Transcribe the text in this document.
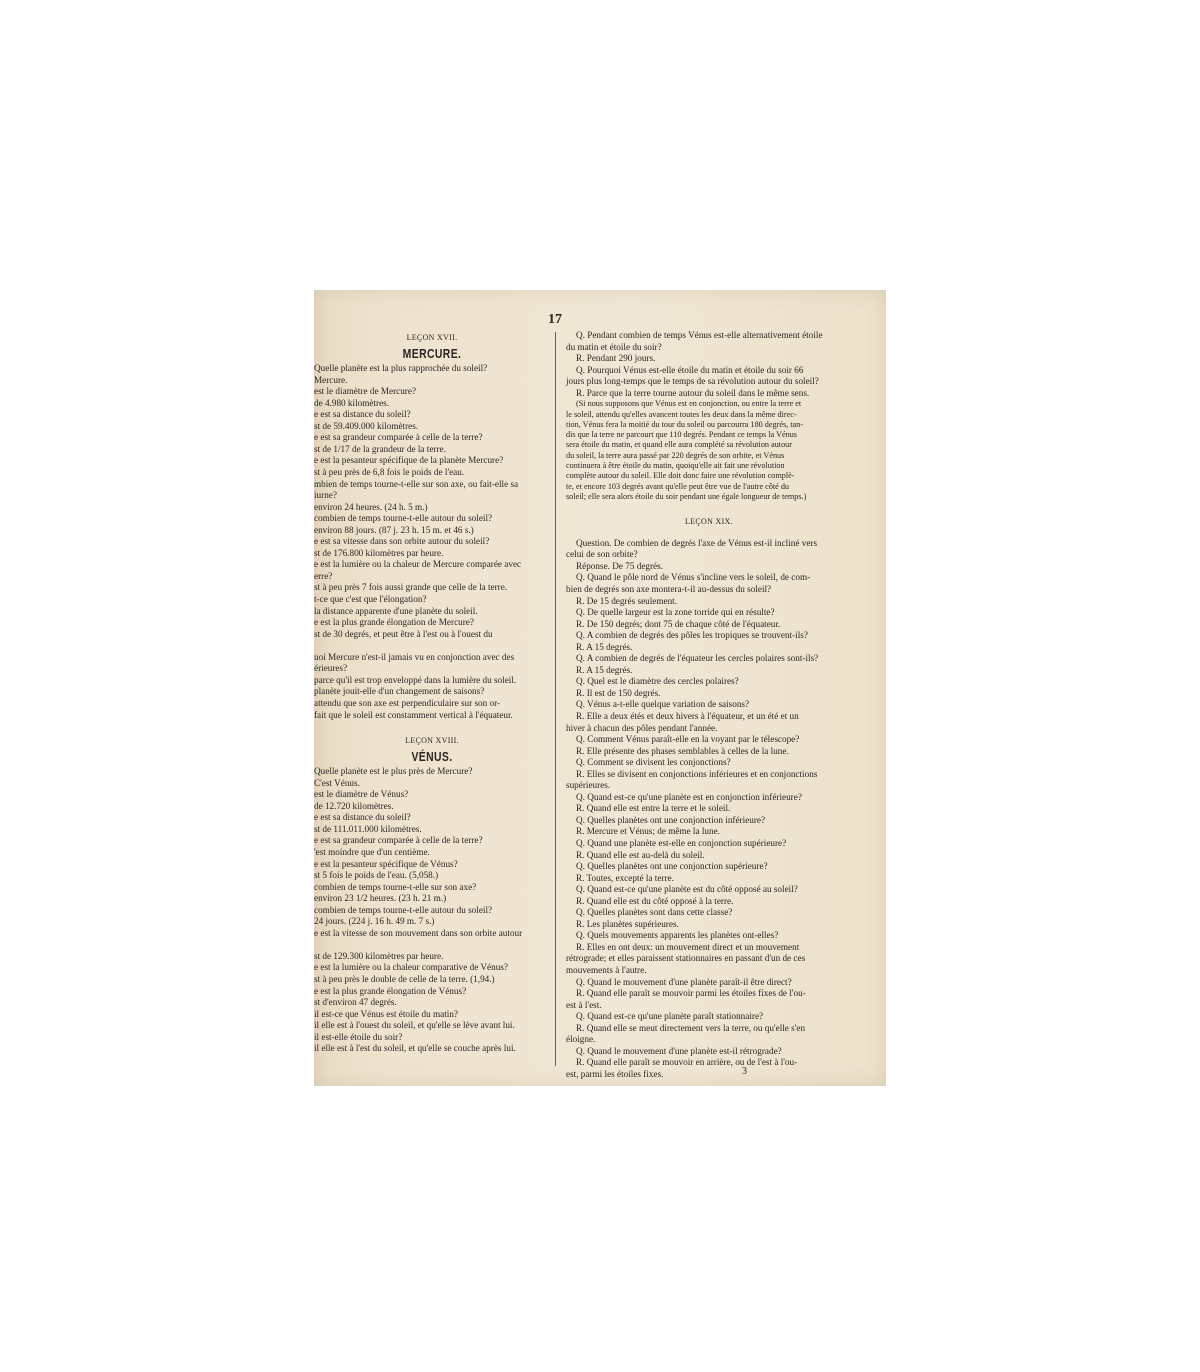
17
LEÇON XVII.
MERCURE.
Quelle planète est la plus rapprochée du soleil?
Mercure.
est le diamètre de Mercure?
de 4.980 kilomètres.
e est sa distance du soleil?
st de 59.409.000 kilomètres.
e est sa grandeur comparée à celle de la terre?
st de 1/17 de la grandeur de la terre.
e est la pesanteur spécifique de la planète Mercure?
st à peu près de 6,8 fois le poids de l'eau.
mbien de temps tourne-t-elle sur son axe, ou fait-elle sa
iurne?
environ 24 heures. (24 h. 5 m.)
combien de temps tourne-t-elle autour du soleil?
environ 88 jours. (87 j. 23 h. 15 m. et 46 s.)
e est sa vitesse dans son orbite autour du soleil?
st de 176.800 kilomètres par heure.
e est la lumière ou la chaleur de Mercure comparée avec
erre?
st à peu près 7 fois aussi grande que celle de la terre.
t-ce que c'est que l'élongation?
la distance apparente d'une planète du soleil.
e est la plus grande élongation de Mercure?
st de 30 degrés, et peut être à l'est ou à l'ouest du

uoi Mercure n'est-il jamais vu en conjonction avec des
érieures?
parce qu'il est trop enveloppé dans la lumière du soleil.
planète jouit-elle d'un changement de saisons?
attendu que son axe est perpendiculaire sur son or-
fait que le soleil est constamment vertical à l'équateur.
LEÇON XVIII.
VÉNUS.
Quelle planète est le plus près de Mercure?
C'est Vénus.
est le diamètre de Vénus?
de 12.720 kilomètres.
e est sa distance du soleil?
st de 111.011.000 kilomètres.
e est sa grandeur comparée à celle de la terre?
'est moindre que d'un centième.
e est la pesanteur spécifique de Vénus?
st 5 fois le poids de l'eau. (5,058.)
combien de temps tourne-t-elle sur son axe?
environ 23 1/2 heures. (23 h. 21 m.)
combien de temps tourne-t-elle autour du soleil?
24 jours. (224 j. 16 h. 49 m. 7 s.)
e est la vitesse de son mouvement dans son orbite autour

st de 129.300 kilomètres par heure.
e est la lumière ou la chaleur comparative de Vénus?
st à peu près le double de celle de la terre. (1,94.)
e est la plus grande élongation de Vénus?
st d'environ 47 degrés.
il est-ce que Vénus est étoile du matin?
il elle est à l'ouest du soleil, et qu'elle se lève avant lui.
il est-elle étoile du soir?
il elle est à l'est du soleil, et qu'elle se couche après lui.
Q. Pendant combien de temps Vénus est-elle alternativement étoile
du matin et étoile du soir?
R. Pendant 290 jours.
Q. Pourquoi Vénus est-elle étoile du matin et étoile du soir 66
jours plus long-temps que le temps de sa révolution autour du soleil?
R. Parce que la terre tourne autour du soleil dans le même sens.
(Si nous supposons que Vénus est en conjonction, ou entre la terre et
le soleil, attendu qu'elles avancent toutes les deux dans la même direc-
tion, Vénus fera la moitié du tour du soleil ou parcourra 180 degrés, tan-
dis que la terre ne parcourt que 110 degrés. Pendant ce temps la Vénus
sera étoile du matin, et quand elle aura complété sa révolution autour
du soleil, la terre aura passé par 220 degrés de son orbite, et Vénus
continuera à être étoile du matin, quoiqu'elle ait fait une révolution
complète autour du soleil. Elle doit donc faire une révolution complè-
te, et encore 103 degrés avant qu'elle peut être vue de l'autre côté du
soleil; elle sera alors étoile du soir pendant une égale longueur de temps.)
LEÇON XIX.
Question. De combien de degrés l'axe de Vénus est-il incliné vers
celui de son orbite?
Réponse. De 75 degrés.
Q. Quand le pôle nord de Vénus s'incline vers le soleil, de com-
bien de degrés son axe montera-t-il au-dessus du soleil?
R. De 15 degrés seulement.
Q. De quelle largeur est la zone torride qui en résulte?
R. De 150 degrés; dont 75 de chaque côté de l'équateur.
Q. A combien de degrés des pôles les tropiques se trouvent-ils?
R. A 15 degrés.
Q. A combien de degrés de l'équateur les cercles polaires sont-ils?
R. A 15 degrés.
Q. Quel est le diamètre des cercles polaires?
R. Il est de 150 degrés.
Q. Vénus a-t-elle quelque variation de saisons?
R. Elle a deux étés et deux hivers à l'équateur, et un été et un
hiver à chacun des pôles pendant l'année.
Q. Comment Vénus paraît-elle en la voyant par le télescope?
R. Elle présente des phases semblables à celles de la lune.
Q. Comment se divisent les conjonctions?
R. Elles se divisent en conjonctions inférieures et en conjonctions
supérieures.
Q. Quand est-ce qu'une planète est en conjonction inférieure?
R. Quand elle est entre la terre et le soleil.
Q. Quelles planètes ont une conjonction inférieure?
R. Mercure et Vénus; de même la lune.
Q. Quand une planète est-elle en conjonction supérieure?
R. Quand elle est au-delà du soleil.
Q. Quelles planètes ont une conjonction supérieure?
R. Toutes, excepté la terre.
Q. Quand est-ce qu'une planète est du côté opposé au soleil?
R. Quand elle est du côté opposé à la terre.
Q. Quelles planètes sont dans cette classe?
R. Les planètes supérieures.
Q. Quels mouvements apparents les planètes ont-elles?
R. Elles en ont deux: un mouvement direct et un mouvement
rétrograde; et elles paraissent stationnaires en passant d'un de ces
mouvements à l'autre.
Q. Quand le mouvement d'une planète paraît-il être direct?
R. Quand elle paraît se mouvoir parmi les étoiles fixes de l'ou-
est à l'est.
Q. Quand est-ce qu'une planète paraît stationnaire?
R. Quand elle se meut directement vers la terre, ou qu'elle s'en
éloigne.
Q. Quand le mouvement d'une planète est-il rétrograde?
R. Quand elle paraît se mouvoir en arrière, ou de l'est à l'ou-
est, parmi les étoiles fixes.	3
